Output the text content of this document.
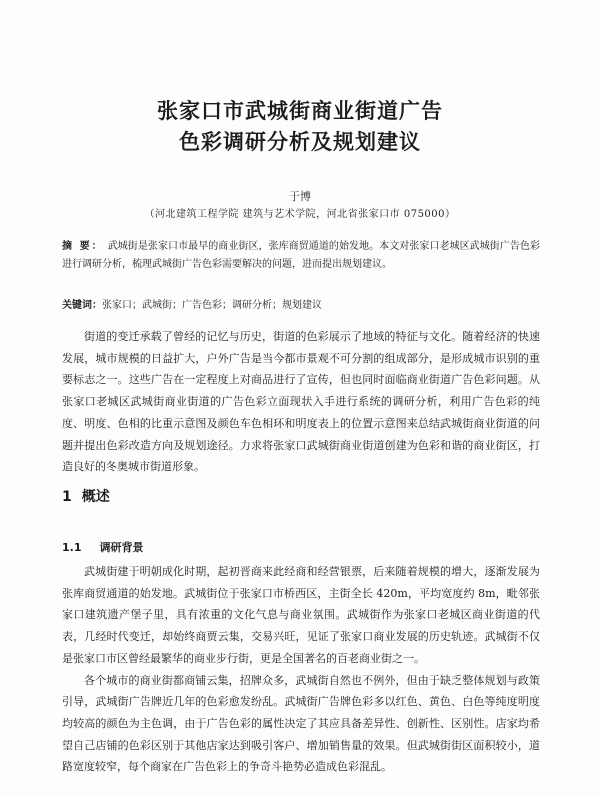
张家口市武城街商业街道广告
色彩调研分析及规划建议
于博
（河北建筑工程学院 建筑与艺术学院，河北省张家口市 075000）

摘 要： 武城街是张家口市最早的商业街区，张库商贸通道的始发地。本文对张家口老城区武城街广告色彩进行调研分析，梳理武城街广告色彩需要解决的问题，进而提出规划建议。

关键词：张家口；武城街；广告色彩；调研分析；规划建议

街道的变迁承载了曾经的记忆与历史，街道的色彩展示了地域的特征与文化。随着经济的快速发展，城市规模的日益扩大，户外广告是当今都市景观不可分割的组成部分，是形成城市识别的重要标志之一。这些广告在一定程度上对商品进行了宣传，但也同时面临商业街道广告色彩问题。从张家口老城区武城街商业街道的广告色彩立面现状入手进行系统的调研分析，利用广告色彩的纯度、明度、色相的比重示意图及颜色车色相环和明度表上的位置示意图来总结武城街商业街道的问题并提出色彩改造方向及规划途径。力求将张家口武城街商业街道创建为色彩和谐的商业街区，打造良好的冬奥城市街道形象。

1 概述
1.1 调研背景

武城街建于明朝成化时期，起初晋商来此经商和经营银票，后来随着规模的增大，逐渐发展为张库商贸通道的始发地。武城街位于张家口市桥西区，主街全长 420m，平均宽度约 8m，毗邻张家口建筑遗产堡子里，具有浓重的文化气息与商业氛围。武城街作为张家口老城区商业街道的代表，几经时代变迁，却始终商贾云集，交易兴旺，见证了张家口商业发展的历史轨迹。武城街不仅是张家口市区曾经最繁华的商业步行街，更是全国著名的百老商业街之一。

各个城市的商业街都商铺云集，招牌众多，武城街自然也不例外，但由于缺乏整体规划与政策引导，武城街广告牌近几年的色彩愈发纷乱。武城街广告牌色彩多以红色、黄色、白色等纯度明度均较高的颜色为主色调，由于广告色彩的属性决定了其应具备差异性、创新性、区别性。店家均希望自己店铺的色彩区别于其他店家达到吸引客户、增加销售量的效果。但武城街街区面积较小，道路宽度较窄，每个商家在广告色彩上的争奇斗艳势必造成色彩混乱。
